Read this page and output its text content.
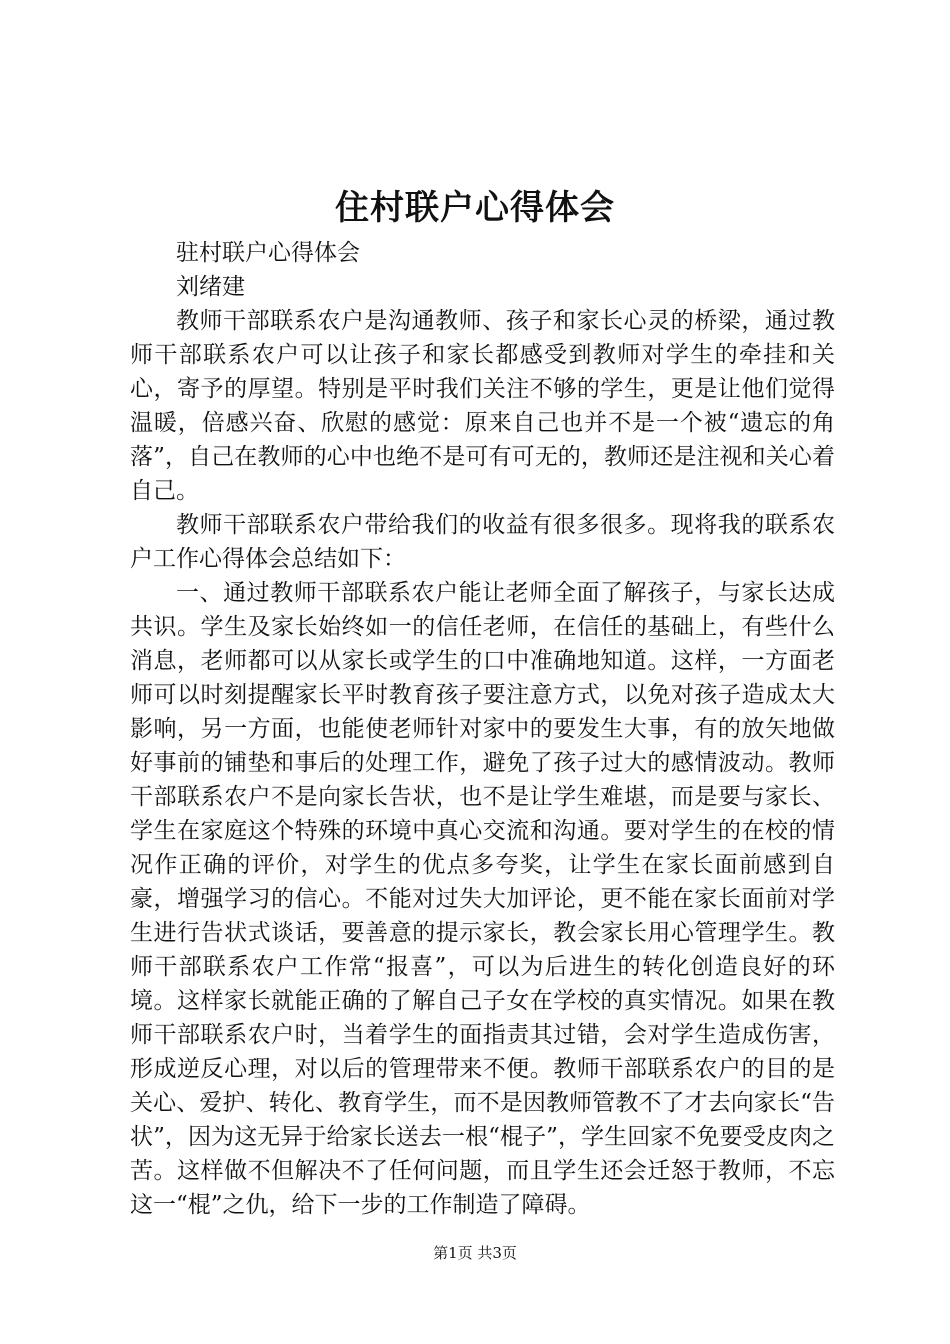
住村联户心得体会

驻村联户心得体会

刘绪建

教师干部联系农户是沟通教师、孩子和家长心灵的桥梁，通过教师干部联系农户可以让孩子和家长都感受到教师对学生的牵挂和关心，寄予的厚望。特别是平时我们关注不够的学生，更是让他们觉得温暖，倍感兴奋、欣慰的感觉：原来自己也并不是一个被“遗忘的角落”，自己在教师的心中也绝不是可有可无的，教师还是注视和关心着自己。

教师干部联系农户带给我们的收益有很多很多。现将我的联系农户工作心得体会总结如下：

一、通过教师干部联系农户能让老师全面了解孩子，与家长达成共识。学生及家长始终如一的信任老师，在信任的基础上，有些什么消息，老师都可以从家长或学生的口中准确地知道。这样，一方面老师可以时刻提醒家长平时教育孩子要注意方式，以免对孩子造成太大影响，另一方面，也能使老师针对家中的要发生大事，有的放矢地做好事前的铺垫和事后的处理工作，避免了孩子过大的感情波动。教师干部联系农户不是向家长告状，也不是让学生难堪，而是要与家长、学生在家庭这个特殊的环境中真心交流和沟通。要对学生的在校的情况作正确的评价，对学生的优点多夸奖，让学生在家长面前感到自豪，增强学习的信心。不能对过失大加评论，更不能在家长面前对学生进行告状式谈话，要善意的提示家长，教会家长用心管理学生。教师干部联系农户工作常“报喜”，可以为后进生的转化创造良好的环境。这样家长就能正确的了解自己子女在学校的真实情况。如果在教师干部联系农户时，当着学生的面指责其过错，会对学生造成伤害，形成逆反心理，对以后的管理带来不便。教师干部联系农户的目的是关心、爱护、转化、教育学生，而不是因教师管教不了才去向家长“告状”，因为这无异于给家长送去一根“棍子”，学生回家不免要受皮肉之苦。这样做不但解决不了任何问题，而且学生还会迁怒于教师，不忘这一“棍”之仇，给下一步的工作制造了障碍。

第1页 共3页
